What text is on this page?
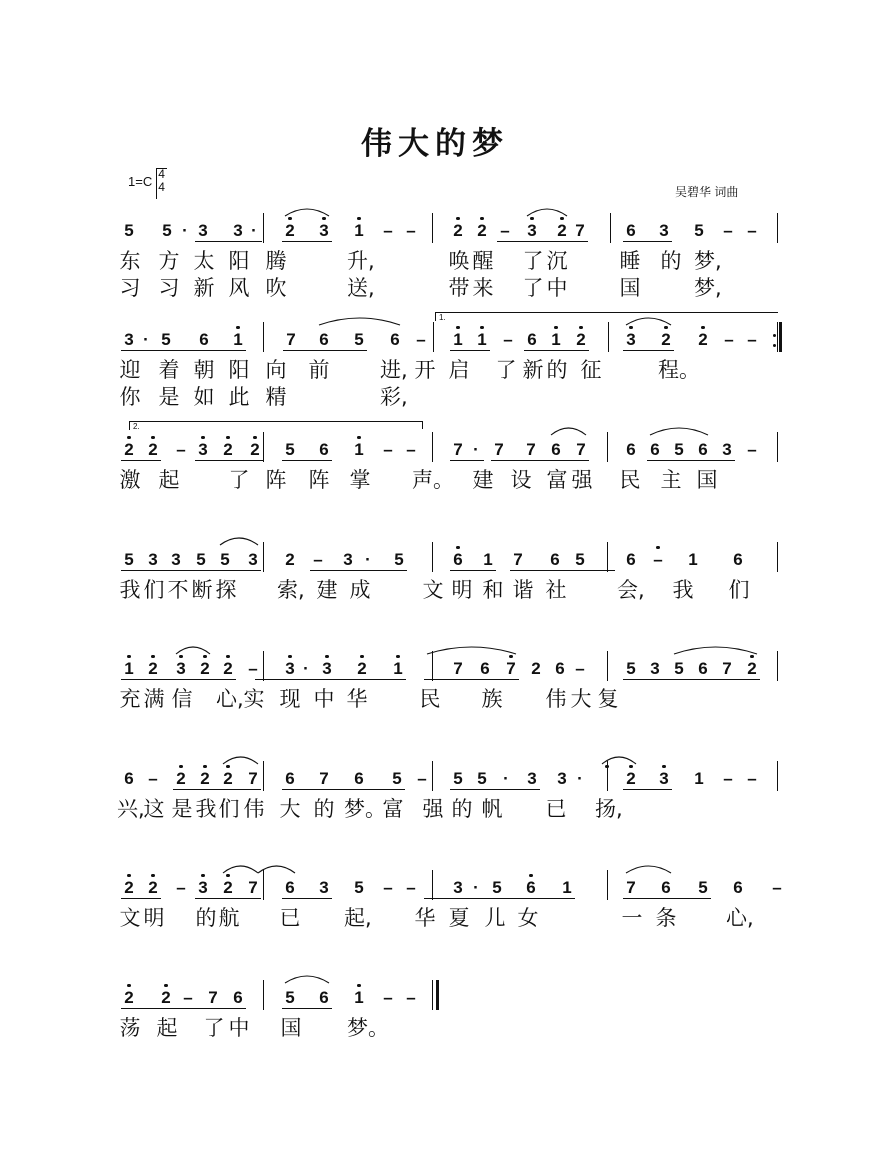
伟大的梦
1=C 4
4	吴碧华 词曲
5 5 · 3 3 ·	2 3 1 – – 2 2 – 3 2 7 6 3 5 – –
东 方 太 阳 腾	升,	唤 醒 了 沉 睡 的 梦,
习 习 新 风 吹	送,	带 来 了 中 国	梦,
3 · 5 6 1	7 6 5 6 – 1 1 – 6 1 2 3 2 2 – –
迎 着 朝 阳 向 前 进, 开 启 了 新 的 征	程。
你 是 如 此 精	彩,
2 2 – 3 2 2 5 6 1 – – 7 · 7 7 6 7 6 6 5 6 3 –
激 起 了 阵 阵 掌 声。 建 设 富 强 民 主 国
5 3 3 5 5 3 2 – 3 ·	5	6 1 7 6 5 6 – 1 6
我 们 不 断 探 索, 建 成 文 明 和 谐 社 会, 我 们
1 2 3 2 2 – 3 · 3 2 1	7 6 7 2 6 – 5 3 5 6 7 2
充 满 信 心, 实 现 中 华 民 族 伟 大 复
6 – 2 2 2 7 6 7 6 5 – 5 5 ·	3 3 ·	2 3 1 – –
兴,
这 是 我 们 伟 大 的 梦。
富 强 的 帆 已 扬,
2 2 – 3 2 7 6 3 5 – – 3 · 5 6 1	7 6 5 6 –
文 明 的 航 已 起, 华 夏 儿 女	一 条 心,
2 2 – 7 6	5 6 1 – –
荡 起 了 中 国 梦。
1.
2.
